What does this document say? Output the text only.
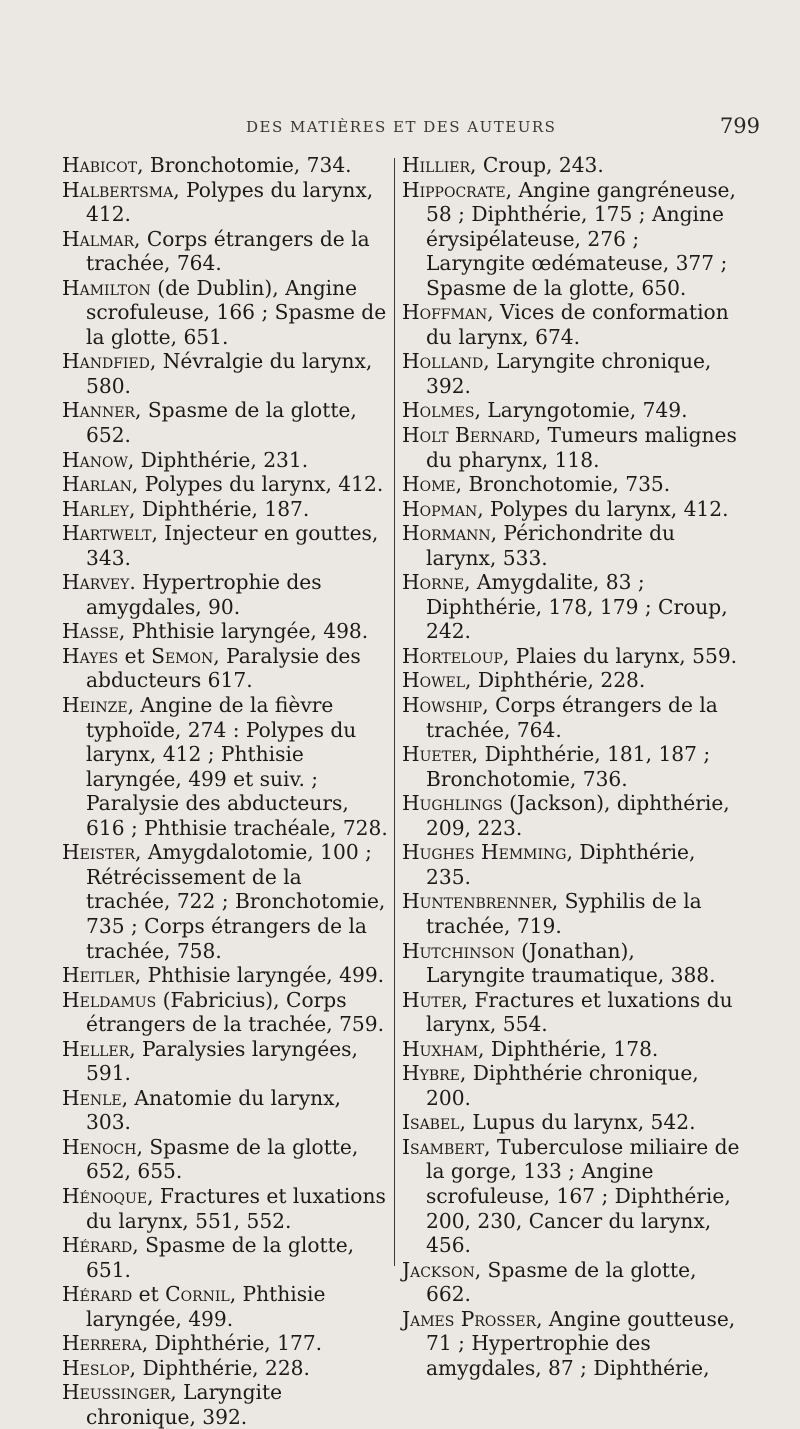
DES MATIÈRES ET DES AUTEURS	799
Habicot, Bronchotomie, 734.
Halbertsma, Polypes du larynx, 412.
Halmar, Corps étrangers de la trachée, 764.
Hamilton (de Dublin), Angine scrofuleuse, 166 ; Spasme de la glotte, 651.
Handfied, Névralgie du larynx, 580.
Hanner, Spasme de la glotte, 652.
Hanow, Diphthérie, 231.
Harlan, Polypes du larynx, 412.
Harley, Diphthérie, 187.
Hartwelt, Injecteur en gouttes, 343.
Harvey. Hypertrophie des amygdales, 90.
Hasse, Phthisie laryngée, 498.
Hayes et Semon, Paralysie des abducteurs 617.
Heinze, Angine de la fièvre typhoïde, 274 : Polypes du larynx, 412 ; Phthisie laryngée, 499 et suiv. ; Paralysie des abducteurs, 616 ; Phthisie trachéale, 728.
Heister, Amygdalotomie, 100 ; Rétrécissement de la trachée, 722 ; Bronchotomie, 735 ; Corps étrangers de la trachée, 758.
Heitler, Phthisie laryngée, 499.
Heldamus (Fabricius), Corps étrangers de la trachée, 759.
Heller, Paralysies laryngées, 591.
Henle, Anatomie du larynx, 303.
Henoch, Spasme de la glotte, 652, 655.
Hénoque, Fractures et luxations du larynx, 551, 552.
Hérard, Spasme de la glotte, 651.
Hérard et Cornil, Phthisie laryngée, 499.
Herrera, Diphthérie, 177.
Heslop, Diphthérie, 228.
Heussinger, Laryngite chronique, 392.
Hillier, Croup, 243.
Hippocrate, Angine gangréneuse, 58 ; Diphthérie, 175 ; Angine érysipélateuse, 276 ; Laryngite œdémateuse, 377 ; Spasme de la glotte, 650.
Hoffman, Vices de conformation du larynx, 674.
Holland, Laryngite chronique, 392.
Holmes, Laryngotomie, 749.
Holt Bernard, Tumeurs malignes du pharynx, 118.
Home, Bronchotomie, 735.
Hopman, Polypes du larynx, 412.
Hormann, Périchondrite du larynx, 533.
Horne, Amygdalite, 83 ; Diphthérie, 178, 179 ; Croup, 242.
Horteloup, Plaies du larynx, 559.
Howel, Diphthérie, 228.
Howship, Corps étrangers de la trachée, 764.
Hueter, Diphthérie, 181, 187 ; Bronchotomie, 736.
Hughlings (Jackson), diphthérie, 209, 223.
Hughes Hemming, Diphthérie, 235.
Huntenbrenner, Syphilis de la trachée, 719.
Hutchinson (Jonathan), Laryngite traumatique, 388.
Huter, Fractures et luxations du larynx, 554.
Huxham, Diphthérie, 178.
Hybre, Diphthérie chronique, 200.
Isabel, Lupus du larynx, 542.
Isambert, Tuberculose miliaire de la gorge, 133 ; Angine scrofuleuse, 167 ; Diphthérie, 200, 230, Cancer du larynx, 456.
Jackson, Spasme de la glotte, 662.
James Prosser, Angine goutteuse, 71 ; Hypertrophie des amygdales, 87 ; Diphthérie,
